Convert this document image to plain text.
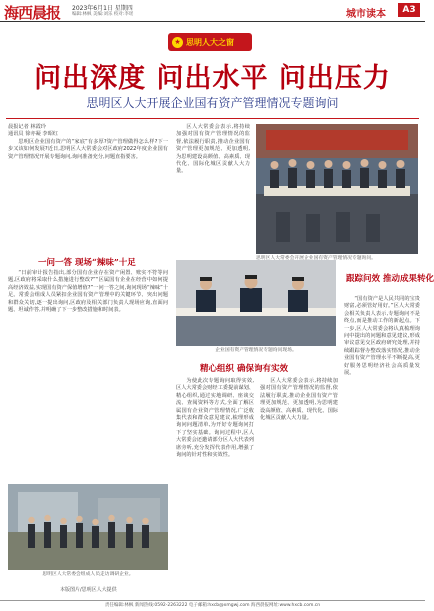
海西晨报 2023年6月1日 星期四
编辑:林枫 美编:刘乐 校对:李瑶	城市读本	A3
★ 思明人大之窗
问出深度 问出水平 问出压力
思明区人大开展企业国有资产管理情况专题询问
晨报记者 林霞玲
通讯员 徐亦凝 李昭红

思明区企业国有资产的“家底”有多厚?资产管理做得怎么样?下一步又该如何发展?近日,思明区人大常委会对区政府2022年度企业国有资产管理情况开展专题询问,询问准备充分,问题直指要害。

一问一答 现场“辣味”十足

“日前审计报告指出,部分国有企业存在资产闲置、账实不符等问题,区政府将采取什么措施进行整改?”“区属国有企业在经营中如何提高经济效益,实现国有资产保值增值?”一问一答之间,询问现场“辣味”十足。常委会组成人员紧扣企业国有资产管理中的关键环节、突出问题和群众关切,逐一提出询问,区政府及相关部门负责人现场应询,直面问题、坦诚作答,并明确了下一步整改措施和时间表。

思明区人大常委会组成人员走访调研企业。
本版图片/思明区人大提供

区人大常委会表示,将持续加强对国有资产管理情况的监督,依法履行职责,推动企业国有资产管理更加规范、更加透明,为思明建设高颜值、高素质、现代化、国际化城区贡献人大力量。

企业国有资产管理情况专题询问现场。
思明区人大常委会开展企业国有资产管理情况专题询问。
跟踪问效 推动成果转化

“国有资产是人民共同的宝贵财富,必须管好用好。”区人大常委会相关负责人表示,专题询问不是终点,而是推动工作的新起点。下一步,区人大常委会将认真梳理询问中提出的问题和意见建议,形成审议意见交区政府研究处理,并持续跟踪督办整改落实情况,推动企业国有资产管理水平不断提高,更好服务思明经济社会高质量发展。

精心组织 确保询有实效

为使此次专题询问取得实效,区人大常委会财经工委提前谋划、精心组织,通过实地调研、座谈交流、查阅资料等方式,全面了解区属国有企业资产管理情况,广泛收集代表和群众意见建议,梳理形成询问问题清单,为开好专题询问打下了坚实基础。询问过程中,区人大常委会还邀请部分区人大代表列席旁听,充分发挥代表作用,增强了询问的针对性和实效性。

区人大常委会表示,将持续加强对国有资产管理情况的监督,依法履行职责,推动企业国有资产管理更加规范、更加透明,为思明建设高颜值、高素质、现代化、国际化城区贡献人大力量。

责任编辑:林枫 新闻热线:0592-2263222 电子邮箱:hxcb@xmgwj.com 海西晨报网址:www.hxcb.com.cn
